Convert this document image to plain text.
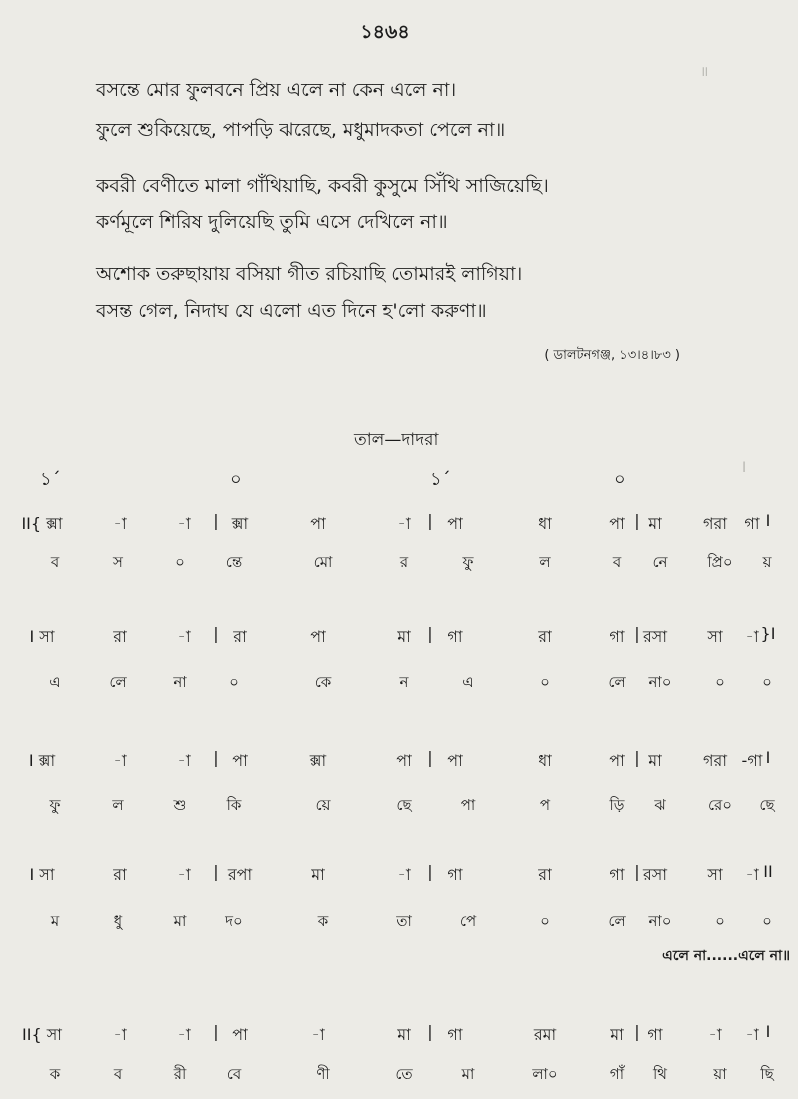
॥
I
১৪৬৪
বসন্তে মোর ফুলবনে প্রিয় এলে না কেন এলে না।
ফুলে শুকিয়েছে, পাপড়ি ঝরেছে, মধুমাদকতা পেলে না॥
কবরী বেণীতে মালা গাঁথিয়াছি, কবরী কুসুমে সিঁথি সাজিয়েছি।
কর্ণমূলে শিরিষ দুলিয়েছি তুমি এসে দেখিলে না॥
অশোক তরুছায়ায় বসিয়া গীত রচিয়াছি তোমারই লাগিয়া।
বসন্ত গেল, নিদাঘ যে এলো এত দিনে হ'লো করুণা॥
( ডালটনগঞ্জ, ১৩।৪।৮৩ )
তাল—দাদরা
১´	০	১´	০
II{ ক্সা	-া	-া | ক্সা	পা	-া | পা	ধা	পা | মা	গরা গা I
ব	স	০	ন্তে	মো	র	ফু	ল	ব নে	প্রি০ য়
I সা	রা	-া | রা	পা	মা | গা	রা	গা | রসা	সা -া }I
এ	লে	না	০	কে	ন	এ	০	লে না০	০ ০
I ক্সা	-া	-া | পা	ক্সা	পা | পা	ধা	পা | মা	গরা -গা I
ফু	ল	শু	কি	য়ে	ছে	পা	প	ড়ি ঝ	রে০ ছে
I সা	রা	-া | রপা	মা	-া | গা	রা	গা | রসা	সা -া II
ম	ধু	মা	দ০	ক	তা	পে	০	লে না০	০ ০
II{ সা	-া	-া | পা	-া	মা | গা	রমা	মা | গা	-া -া I
ক	ব	রী	বে	ণী	তে	মা	লা০	গাঁ থি	য়া ছি
এলে না......এলে না॥
